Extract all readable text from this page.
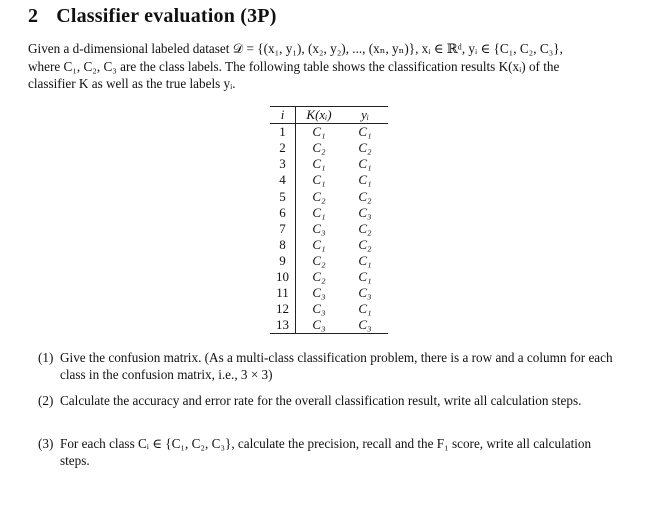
2 Classifier evaluation (3P)
Given a d-dimensional labeled dataset 𝒟 = {(x₁, y₁), (x₂, y₂), ..., (xₙ, yₙ)}, xᵢ ∈ ℝᵈ, yᵢ ∈ {C₁, C₂, C₃},
where C₁, C₂, C₃ are the class labels. The following table shows the classification results K(xᵢ) of the
classifier K as well as the true labels yᵢ.
i	K(xᵢ)	yᵢ
1	C₁	C₁
2	C₂	C₂
3	C₁	C₁
4	C₁	C₁
5	C₂	C₂
6	C₁	C₃
7	C₃	C₂
8	C₁	C₂
9	C₂	C₁
10	C₂	C₁
11	C₃	C₃
12	C₃	C₁
13	C₃	C₃
(1) Give the confusion matrix. (As a multi-class classification problem, there is a row and a column for each class in the confusion matrix, i.e., 3 × 3)
(2) Calculate the accuracy and error rate for the overall classification result, write all calculation steps.
(3) For each class Cᵢ ∈ {C₁, C₂, C₃}, calculate the precision, recall and the F₁ score, write all calculation steps.
